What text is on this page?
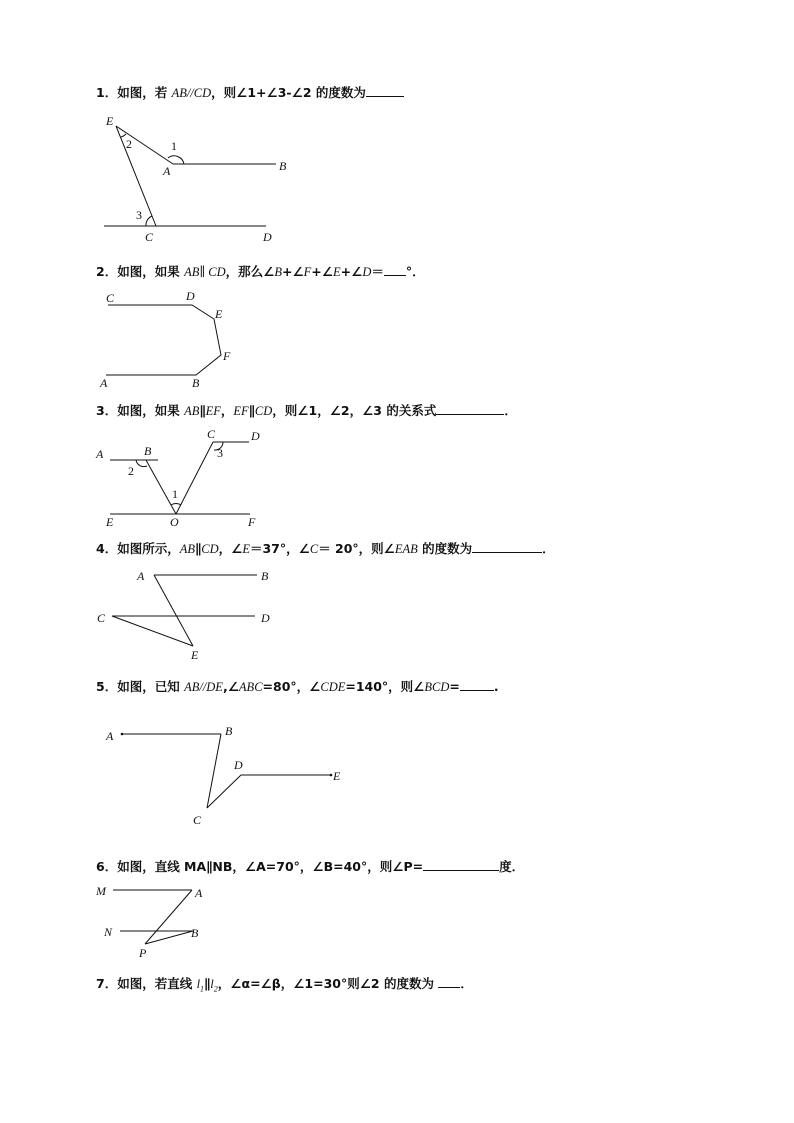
1．如图，若 AB//CD，则∠1+∠3-∠2 的度数为
2．如图，如果 AB∥ CD，那么∠B+∠F+∠E+∠D＝ °．
3．如图，如果 AB∥EF，EF∥CD，则∠1，∠2，∠3 的关系式	．
4．如图所示，AB∥CD，∠E＝37°，∠C＝ 20°，则∠EAB 的度数为	．
5．如图，已知 AB//DE,∠ABC=80°，∠CDE=140°，则∠BCD=	.
6．如图，直线 MA∥NB，∠A=70°，∠B=40°，则∠P=	度．
7．如图，若直线 $l_1\parallel l_2$，∠α=∠β，∠1=30°则∠2 的度数为 ．
E
2	1
A	B
3
C	D
C	D
E
F
A	B
A	B
2
C	D
3
1
E	O	F
A	B
C	D
E
A	B
D
E
C
M	A
N	B
P
